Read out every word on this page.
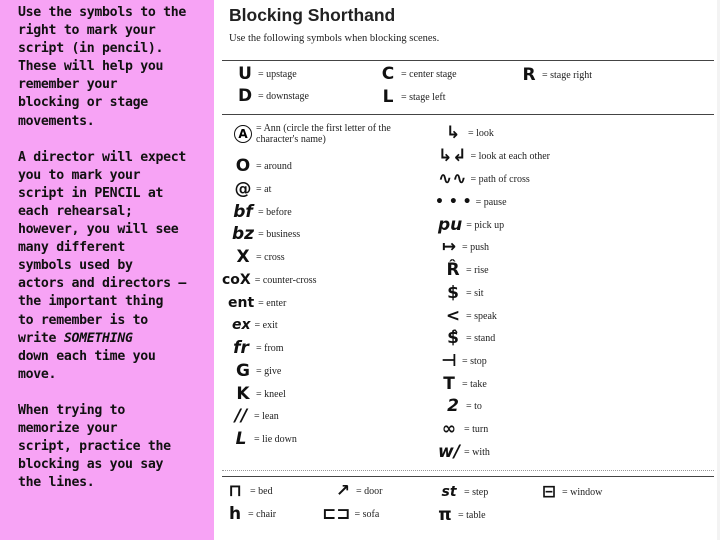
Use the symbols to the
right to mark your
script (in pencil).
These will help you
remember your
blocking or stage
movements.

A director will expect
you to mark your
script in PENCIL at
each rehearsal;
however, you will see
many different
symbols used by
actors and directors –
the important thing
to remember is to
write SOMETHING
down each time you
move.

When trying to
memorize your
script, practice the
blocking as you say
the lines.

Blocking Shorthand
Use the following symbols when blocking scenes.
U = upstage	C = center stage	R = stage right
D = downstage	L = stage left
A = Ann (circle the first letter of the
character's name)
O = around
@ = at
bf = before
bz = business
X = cross
coX = counter-cross
ent = enter
ex = exit
fr = from
G = give
K = kneel
// = lean
L = lie down
↳ = look
↳↲ = look at each other
∿∿ = path of cross
• • • = pause
pu = pick up
↦ = push
R̂ = rise
$ = sit
< = speak
$̂ = stand
⊣ = stop
T = take
2 = to
∞ = turn
w/ = with
⊓ = bed	↗ = door	st = step	⊟ = window
h = chair	⊏⊐ = sofa	π = table
